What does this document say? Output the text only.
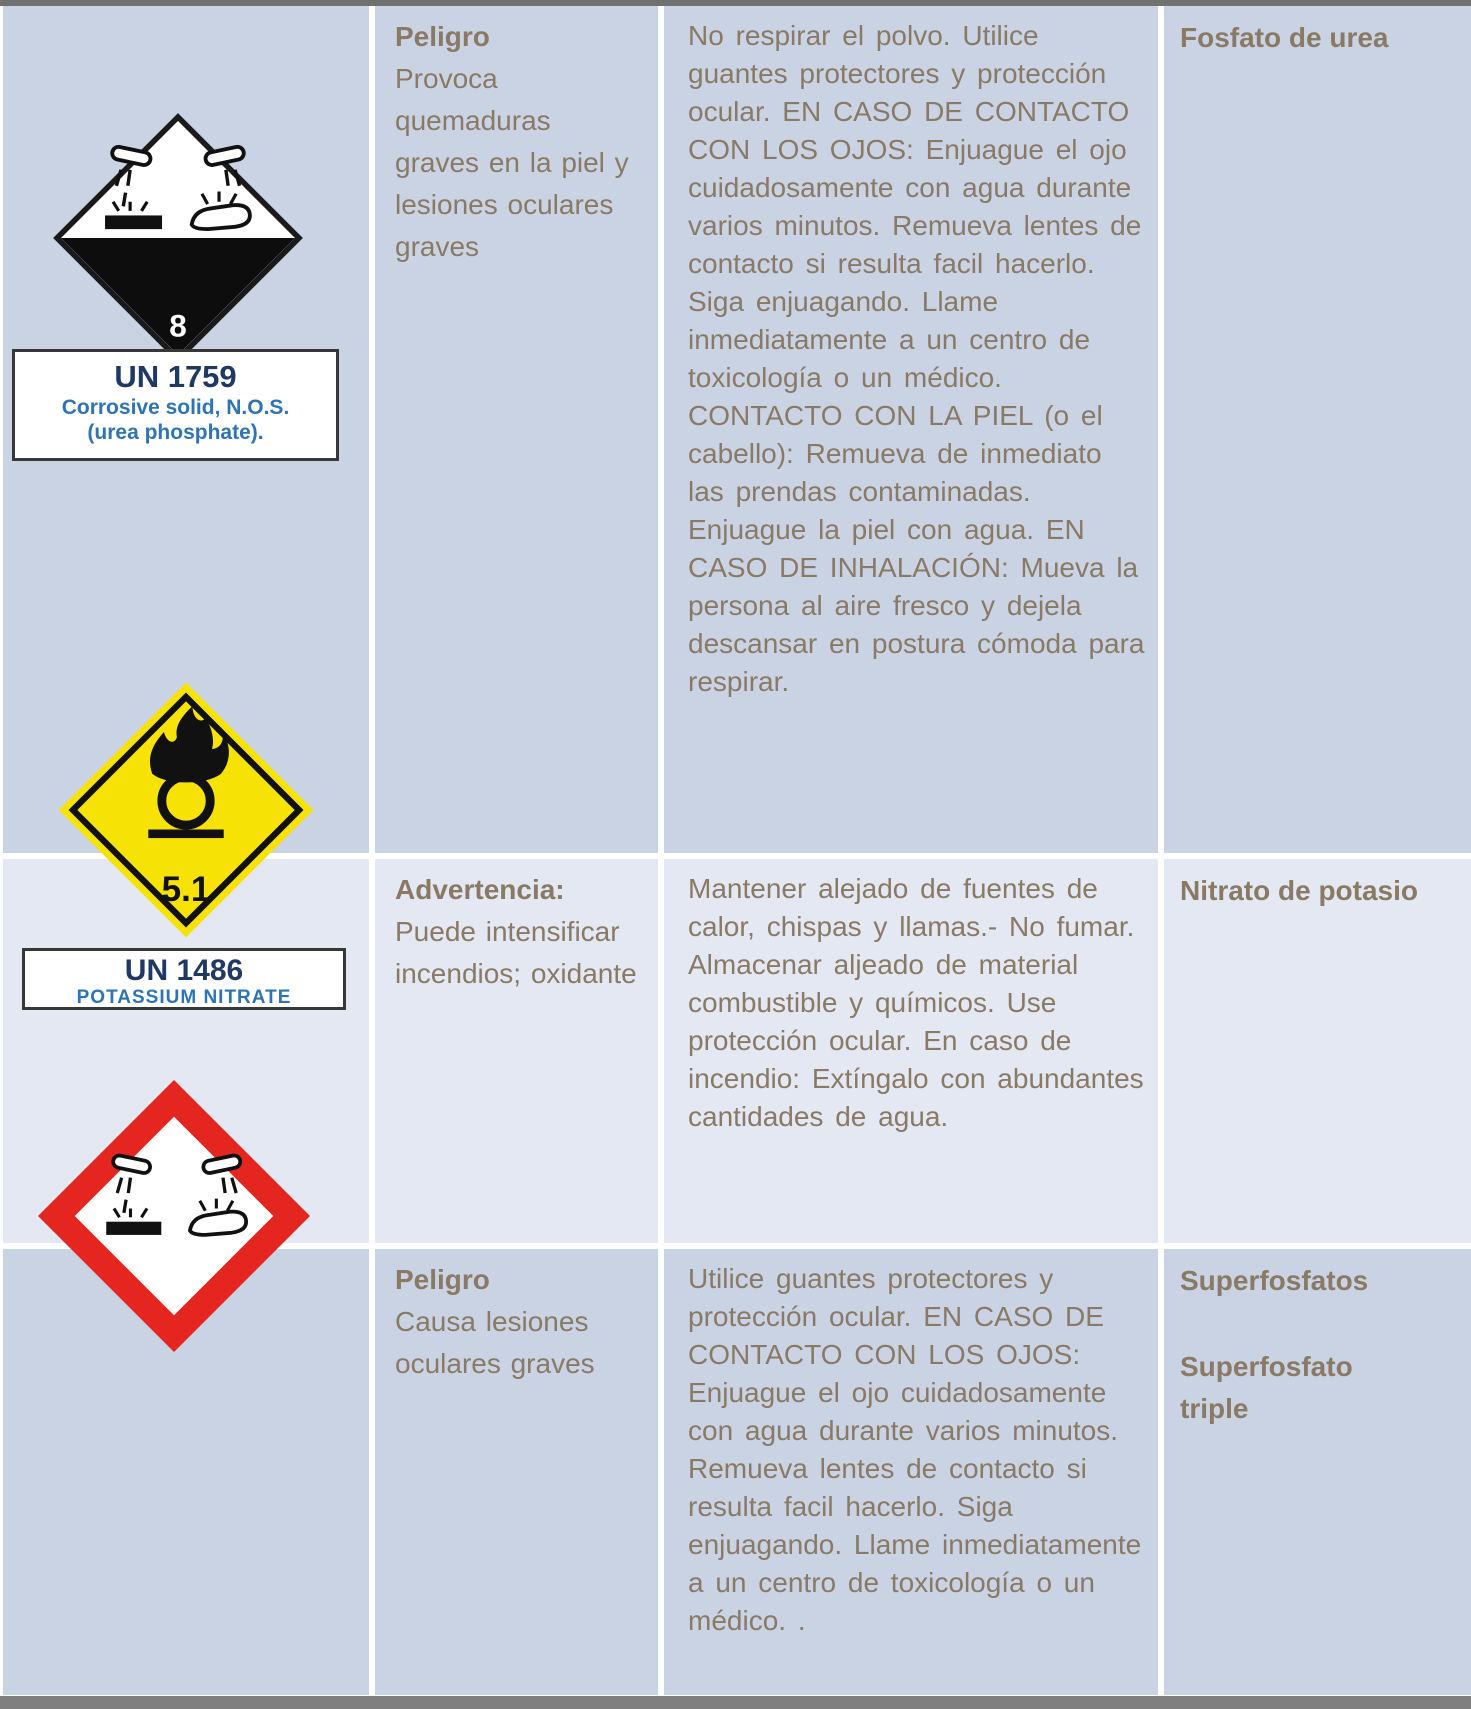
Peligro
Provoca quemaduras graves en la piel y lesiones oculares graves
No respirar el polvo. Utilice guantes protectores y protección ocular. EN CASO DE CONTACTO CON LOS OJOS: Enjuague el ojo cuidadosamente con agua durante varios minutos. Remueva lentes de contacto si resulta facil hacerlo. Siga enjuagando. Llame inmediatamente a un centro de toxicología o un médico. CONTACTO CON LA PIEL (o el cabello): Remueva de inmediato las prendas contaminadas. Enjuague la piel con agua. EN CASO DE INHALACIÓN: Mueva la persona al aire fresco y dejela descansar en postura cómoda para respirar.
Fosfato de urea
Advertencia:
Puede intensificar incendios; oxidante
Mantener alejado de fuentes de calor, chispas y llamas.- No fumar. Almacenar aljeado de material combustible y químicos. Use protección ocular. En caso de incendio: Extíngalo con abundantes cantidades de agua.
Nitrato de potasio
Peligro
Causa lesiones oculares graves
Utilice guantes protectores y protección ocular. EN CASO DE CONTACTO CON LOS OJOS: Enjuague el ojo cuidadosamente con agua durante varios minutos. Remueva lentes de contacto si resulta facil hacerlo. Siga enjuagando. Llame inmediatamente a un centro de toxicología o un médico. .
Superfosfatos
Superfosfato triple
8
UN 1759
Corrosive solid, N.O.S.
(urea phosphate).
5.1
UN 1486
POTASSIUM NITRATE
